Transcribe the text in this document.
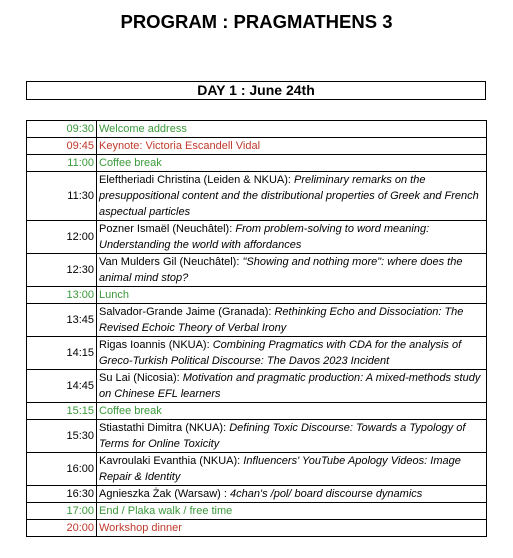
PROGRAM : PRAGMATHENS 3
DAY 1 : June 24th
09:30	Welcome address
09:45	Keynote: Victoria Escandell Vidal
11:00	Coffee break
11:30	Eleftheriadi Christina (Leiden & NKUA): Preliminary remarks on the presuppositional content and the distributional properties of Greek and French aspectual particles
12:00	Pozner Ismaël (Neuchâtel): From problem-solving to word meaning: Understanding the world with affordances
12:30	Van Mulders Gil (Neuchâtel): "Showing and nothing more": where does the animal mind stop?
13:00	Lunch
13:45	Salvador-Grande Jaime (Granada): Rethinking Echo and Dissociation: The Revised Echoic Theory of Verbal Irony
14:15	Rigas Ioannis (NKUA): Combining Pragmatics with CDA for the analysis of Greco-Turkish Political Discourse: The Davos 2023 Incident
14:45	Su Lai (Nicosia): Motivation and pragmatic production: A mixed-methods study on Chinese EFL learners
15:15	Coffee break
15:30	Stiastathi Dimitra (NKUA): Defining Toxic Discourse: Towards a Typology of Terms for Online Toxicity
16:00	Kavroulaki Evanthia (NKUA): Influencers' YouTube Apology Videos: Image Repair & Identity
16:30	Agnieszka Żak (Warsaw) : 4chan's /pol/ board discourse dynamics
17:00	End / Plaka walk / free time
20:00	Workshop dinner
